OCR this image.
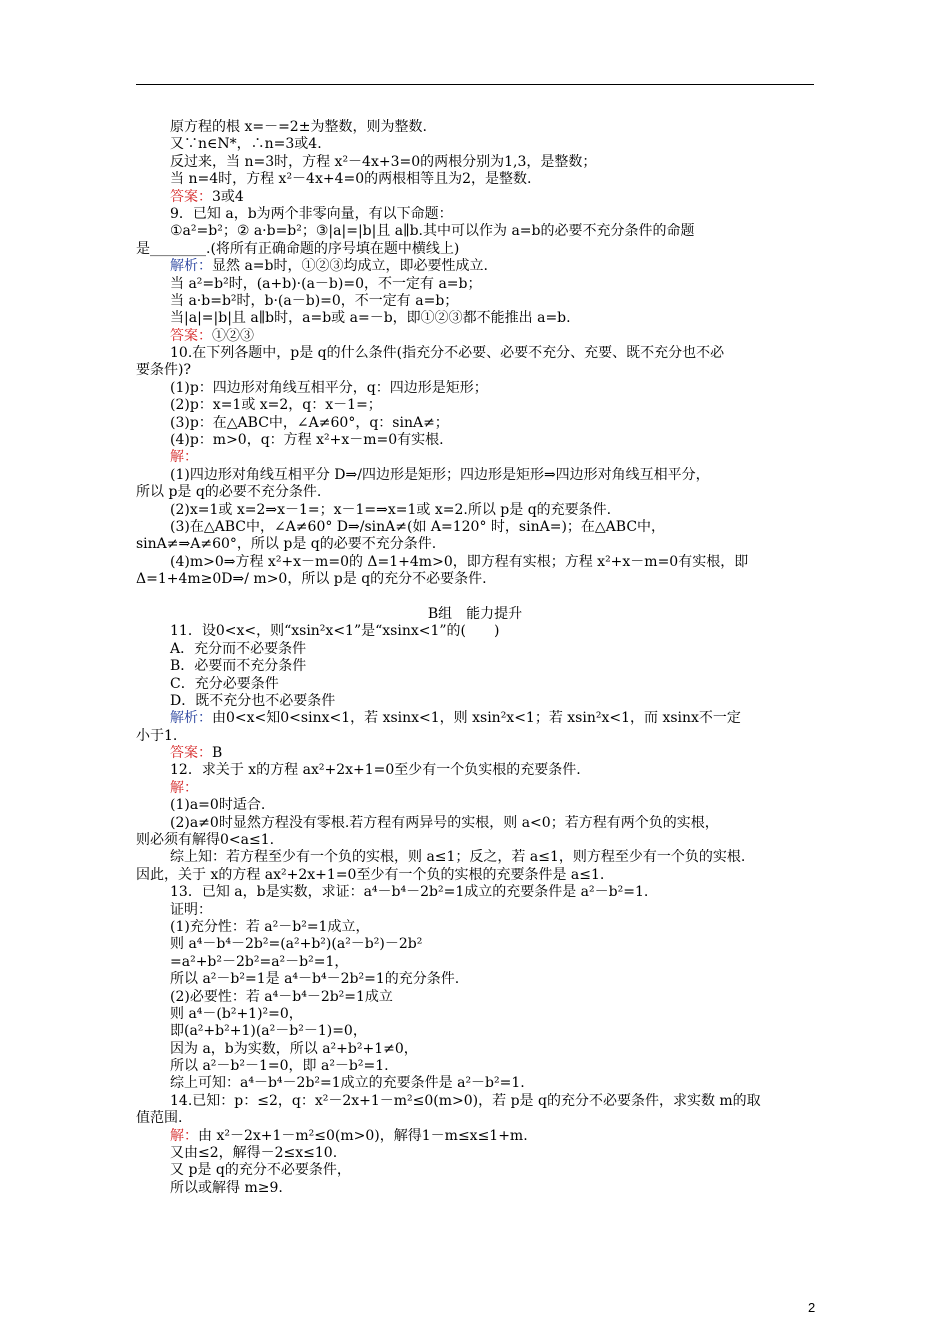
原方程的根 x=－=2±为整数，则为整数.
又∵n∈N*，∴n=3或4.
反过来，当 n=3时，方程 x²－4x+3=0的两根分别为1,3，是整数；
当 n=4时，方程 x²－4x+4=0的两根相等且为2，是整数.
答案：3或4
9．已知 a，b为两个非零向量，有以下命题：
①a²=b²；② a·b=b²；③|a|=|b|且 a∥b.其中可以作为 a=b的必要不充分条件的命题
是________.(将所有正确命题的序号填在题中横线上)
解析：显然 a=b时，①②③均成立，即必要性成立.
当 a²=b²时，(a+b)·(a－b)=0，不一定有 a=b；
当 a·b=b²时，b·(a－b)=0，不一定有 a=b；
当|a|=|b|且 a∥b时，a=b或 a=－b，即①②③都不能推出 a=b.
答案：①②③
10.在下列各题中，p是 q的什么条件(指充分不必要、必要不充分、充要、既不充分也不必
要条件)?
(1)p：四边形对角线互相平分，q：四边形是矩形；
(2)p：x=1或 x=2，q：x－1=；
(3)p：在△ABC中，∠A≠60°，q：sinA≠；
(4)p：m>0，q：方程 x²+x－m=0有实根.
解：
(1)四边形对角线互相平分 D⇒/四边形是矩形；四边形是矩形⇒四边形对角线互相平分，
所以 p是 q的必要不充分条件.
(2)x=1或 x=2⇒x－1=；x－1=⇒x=1或 x=2.所以 p是 q的充要条件.
(3)在△ABC中，∠A≠60° D⇒/sinA≠(如 A=120° 时，sinA=)；在△ABC中，
sinA≠⇒A≠60°，所以 p是 q的必要不充分条件.
(4)m>0⇒方程 x²+x－m=0的 Δ=1+4m>0，即方程有实根；方程 x²+x－m=0有实根，即
Δ=1+4m≥0D⇒/ m>0，所以 p是 q的充分不必要条件.
B组　能力提升
11．设0<x<，则“xsin²x<1”是“xsinx<1”的(　　)
A．充分而不必要条件
B．必要而不充分条件
C．充分必要条件
D．既不充分也不必要条件
解析：由0<x<知0<sinx<1，若 xsinx<1，则 xsin²x<1；若 xsin²x<1，而 xsinx不一定
小于1.
答案：B
12．求关于 x的方程 ax²+2x+1=0至少有一个负实根的充要条件.
解：
(1)a=0时适合.
(2)a≠0时显然方程没有零根.若方程有两异号的实根，则 a<0；若方程有两个负的实根，
则必须有解得0<a≤1.
综上知：若方程至少有一个负的实根，则 a≤1；反之，若 a≤1，则方程至少有一个负的实根.
因此，关于 x的方程 ax²+2x+1=0至少有一个负的实根的充要条件是 a≤1.
13．已知 a，b是实数，求证：a⁴－b⁴－2b²=1成立的充要条件是 a²－b²=1.
证明：
(1)充分性：若 a²－b²=1成立，
则 a⁴－b⁴－2b²=(a²+b²)(a²－b²)－2b²
=a²+b²－2b²=a²－b²=1，
所以 a²－b²=1是 a⁴－b⁴－2b²=1的充分条件.
(2)必要性：若 a⁴－b⁴－2b²=1成立
则 a⁴－(b²+1)²=0，
即(a²+b²+1)(a²－b²－1)=0，
因为 a，b为实数，所以 a²+b²+1≠0，
所以 a²－b²－1=0，即 a²－b²=1.
综上可知：a⁴－b⁴－2b²=1成立的充要条件是 a²－b²=1.
14.已知：p：≤2，q：x²－2x+1－m²≤0(m>0)，若 p是 q的充分不必要条件，求实数 m的取
值范围.
解：由 x²－2x+1－m²≤0(m>0)，解得1－m≤x≤1+m.
又由≤2，解得－2≤x≤10.
又 p是 q的充分不必要条件，
所以或解得 m≥9.
2
